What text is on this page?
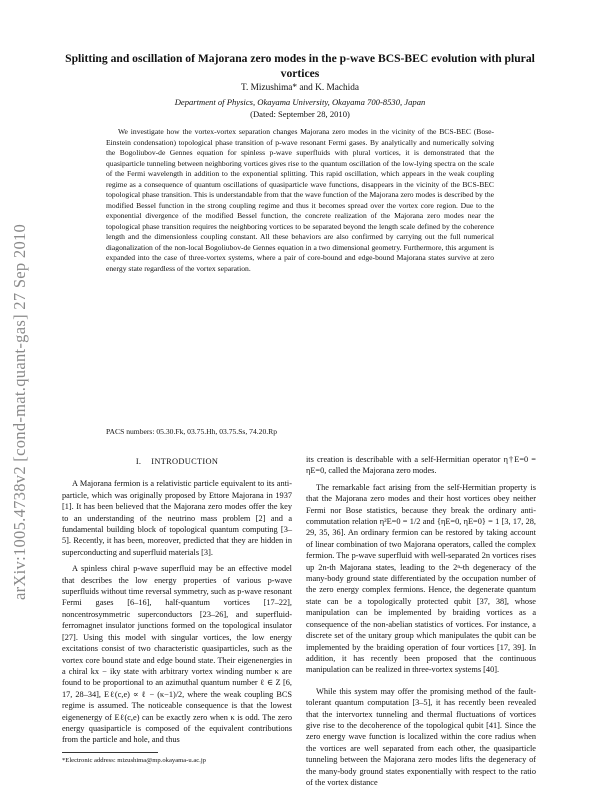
arXiv:1005.4738v2 [cond-mat.quant-gas] 27 Sep 2010
Splitting and oscillation of Majorana zero modes in the p-wave BCS-BEC evolution with plural vortices
T. Mizushima* and K. Machida
Department of Physics, Okayama University, Okayama 700-8530, Japan
(Dated: September 28, 2010)

We investigate how the vortex-vortex separation changes Majorana zero modes in the vicinity of the BCS-BEC (Bose-Einstein condensation) topological phase transition of p-wave resonant Fermi gases. By analytically and numerically solving the Bogoliubov-de Gennes equation for spinless p-wave superfluids with plural vortices, it is demonstrated that the quasiparticle tunneling between neighboring vortices gives rise to the quantum oscillation of the low-lying spectra on the scale of the Fermi wavelength in addition to the exponential splitting. This rapid oscillation, which appears in the weak coupling regime as a consequence of quantum oscillations of quasiparticle wave functions, disappears in the vicinity of the BCS-BEC topological phase transition. This is understandable from that the wave function of the Majorana zero modes is described by the modified Bessel function in the strong coupling regime and thus it becomes spread over the vortex core region. Due to the exponential divergence of the modified Bessel function, the concrete realization of the Majorana zero modes near the topological phase transition requires the neighboring vortices to be separated beyond the length scale defined by the coherence length and the dimensionless coupling constant. All these behaviors are also confirmed by carrying out the full numerical diagonalization of the non-local Bogoliubov-de Gennes equation in a two dimensional geometry. Furthermore, this argument is expanded into the case of three-vortex systems, where a pair of core-bound and edge-bound Majorana states survive at zero energy state regardless of the vortex separation.

PACS numbers: 05.30.Fk, 03.75.Hh, 03.75.Ss, 74.20.Rp

I. INTRODUCTION

A Majorana fermion is a relativistic particle equivalent to its anti-particle, which was originally proposed by Ettore Majorana in 1937 [1]. It has been believed that the Majorana zero modes offer the key to an understanding of the neutrino mass problem [2] and a fundamental building block of topological quantum computing [3–5]. Recently, it has been, moreover, predicted that they are hidden in superconducting and superfluid materials [3].

A spinless chiral p-wave superfluid may be an effective model that describes the low energy properties of various p-wave superfluids without time reversal symmetry, such as p-wave resonant Fermi gases [6–16], half-quantum vortices [17–22], noncentrosymmetric superconductors [23–26], and superfluid-ferromagnet insulator junctions formed on the topological insulator [27]. Using this model with singular vortices, the low energy excitations consist of two characteristic quasiparticles, such as the vortex core bound state and edge bound state. Their eigenenergies in a chiral kx − iky state with arbitrary vortex winding number κ are found to be proportional to an azimuthal quantum number ℓ ∈ Z [6, 17, 28–34], Eℓ(c,e) ∝ ℓ − (κ−1)/2, where the weak coupling BCS regime is assumed. The noticeable consequence is that the lowest eigenenergy of Eℓ(c,e) can be exactly zero when κ is odd. The zero energy quasiparticle is composed of the equivalent contributions from the particle and hole, and thus

its creation is describable with a self-Hermitian operator η†E=0 = ηE=0, called the Majorana zero modes.

The remarkable fact arising from the self-Hermitian property is that the Majorana zero modes and their host vortices obey neither Fermi nor Bose statistics, because they break the ordinary anti-commutation relation η²E=0 = 1/2 and {ηE=0, ηE=0} = 1 [3, 17, 28, 29, 35, 36]. An ordinary fermion can be restored by taking account of linear combination of two Majorana operators, called the complex fermion. The p-wave superfluid with well-separated 2n vortices rises up 2n-th Majorana states, leading to the 2ⁿ-th degeneracy of the many-body ground state differentiated by the occupation number of the zero energy complex fermions. Hence, the degenerate quantum state can be a topologically protected qubit [37, 38], whose manipulation can be implemented by braiding vortices as a consequence of the non-abelian statistics of vortices. For instance, a discrete set of the unitary group which manipulates the qubit can be implemented by the braiding operation of four vortices [17, 39]. In addition, it has recently been proposed that the continuous manipulation can be realized in three-vortex systems [40].

While this system may offer the promising method of the fault-tolerant quantum computation [3–5], it has recently been revealed that the intervortex tunneling and thermal fluctuations of vortices give rise to the decoherence of the topological qubit [41]. Since the zero energy wave function is localized within the core radius when the vortices are well separated from each other, the quasiparticle tunneling between the Majorana zero modes lifts the degeneracy of the many-body ground states exponentially with respect to the ratio of the vortex distance

*Electronic address: mizushima@mp.okayama-u.ac.jp
